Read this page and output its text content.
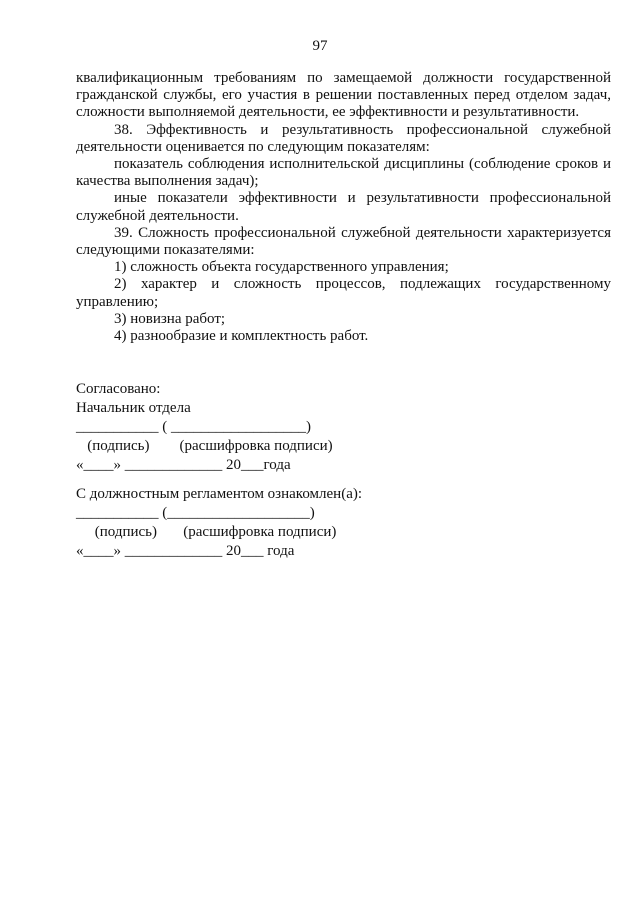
97

квалификационным требованиям по замещаемой должности государственной гражданской службы, его участия в решении поставленных перед отделом задач, сложности выполняемой деятельности, ее эффективности и результативности.

38. Эффективность и результативность профессиональной служебной деятельности оценивается по следующим показателям:

показатель соблюдения исполнительской дисциплины (соблюдение сроков и качества выполнения задач);

иные показатели эффективности и результативности профессиональной служебной деятельности.

39. Сложность профессиональной служебной деятельности характеризуется следующими показателями:

1) сложность объекта государственного управления;

2) характер и сложность процессов, подлежащих государственному управлению;

3) новизна работ;

4) разнообразие и комплектность работ.

Согласовано:
Начальник отдела
___________ ( __________________)
(подпись)        (расшифровка подписи)
«____» _____________ 20___года
С должностным регламентом ознакомлен(а):
___________ (___________________)
(подпись)       (расшифровка подписи)
«____» _____________ 20___ года
